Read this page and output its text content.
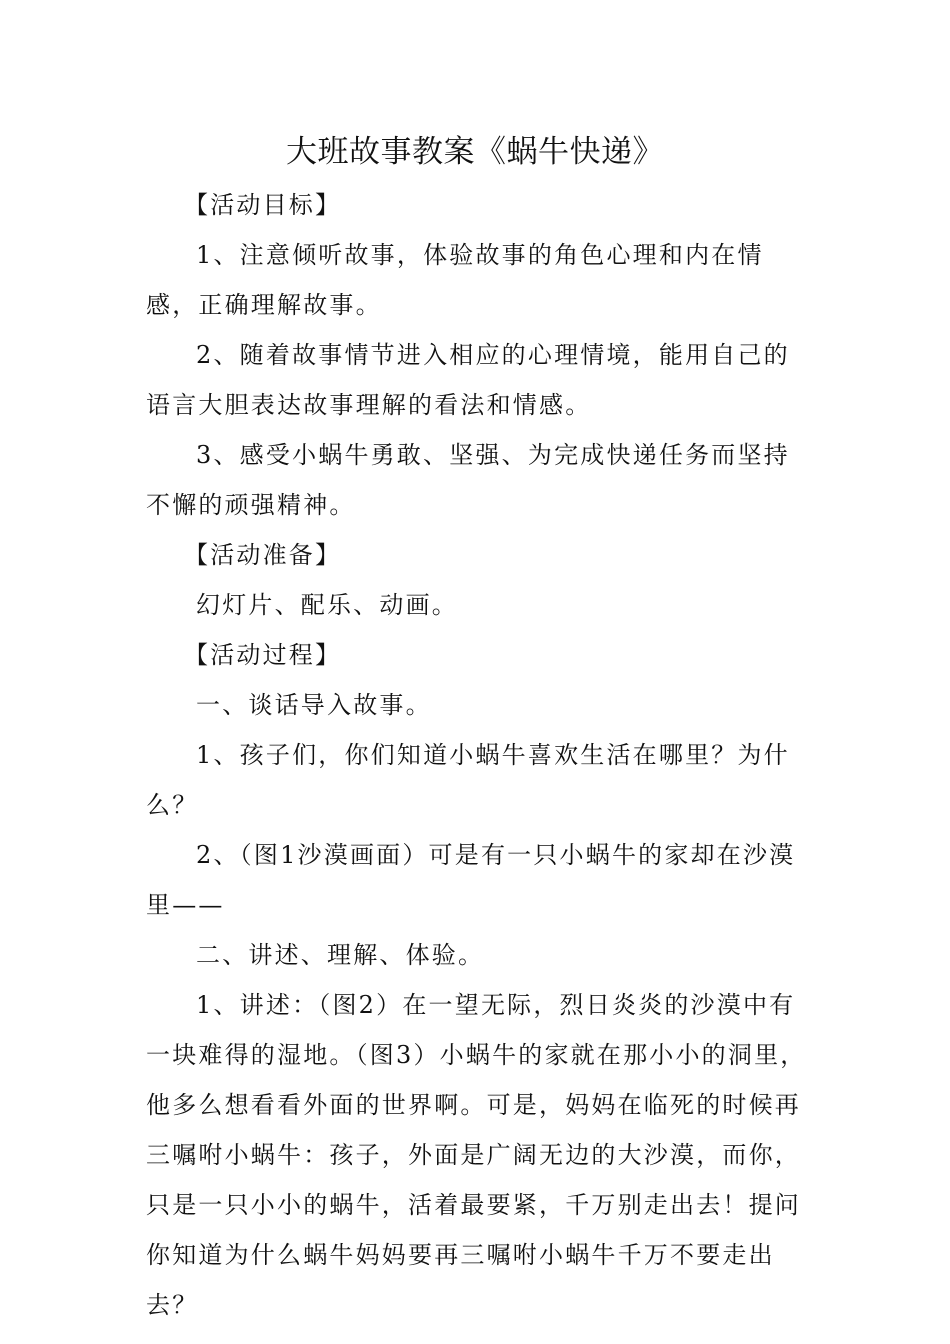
大班故事教案《蜗牛快递》

【活动目标】

1、注意倾听故事，体验故事的角色心理和内在情感，正确理解故事。

2、随着故事情节进入相应的心理情境，能用自己的语言大胆表达故事理解的看法和情感。

3、感受小蜗牛勇敢、坚强、为完成快递任务而坚持不懈的顽强精神。

【活动准备】

幻灯片、配乐、动画。

【活动过程】

一、谈话导入故事。

1、孩子们，你们知道小蜗牛喜欢生活在哪里？为什么？

2、（图1沙漠画面）可是有一只小蜗牛的家却在沙漠里——

二、讲述、理解、体验。

1、讲述：（图2）在一望无际，烈日炎炎的沙漠中有一块难得的湿地。（图3）小蜗牛的家就在那小小的洞里，他多么想看看外面的世界啊。可是，妈妈在临死的时候再三嘱咐小蜗牛：孩子，外面是广阔无边的大沙漠，而你，只是一只小小的蜗牛，活着最要紧，千万别走出去！提问你知道为什么蜗牛妈妈要再三嘱咐小蜗牛千万不要走出去？
